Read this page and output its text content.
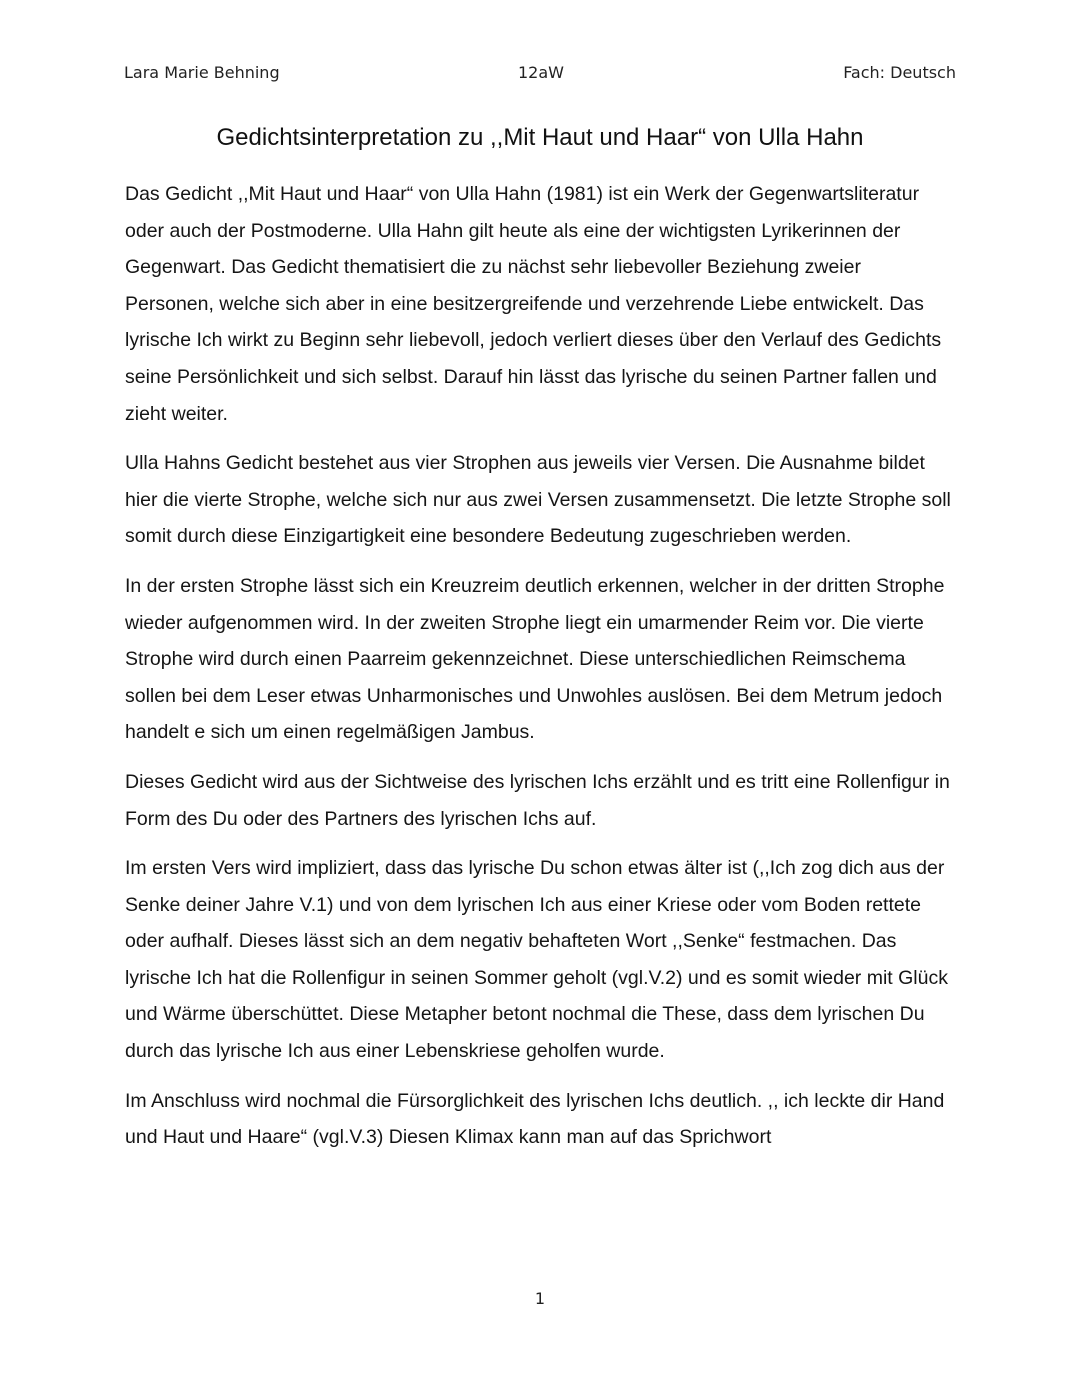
Lara Marie Behning	12aW	Fach: Deutsch
Gedichtsinterpretation zu ,,Mit Haut und Haar“ von Ulla Hahn

Das Gedicht ,,Mit Haut und Haar“ von Ulla Hahn (1981) ist ein Werk der Gegenwartsliteratur oder auch der Postmoderne. Ulla Hahn gilt heute als eine der wichtigsten Lyrikerinnen der Gegenwart. Das Gedicht thematisiert die zu nächst sehr liebevoller Beziehung zweier Personen, welche sich aber in eine besitzergreifende und verzehrende Liebe entwickelt. Das lyrische Ich wirkt zu Beginn sehr liebevoll, jedoch verliert dieses über den Verlauf des Gedichts seine Persönlichkeit und sich selbst. Darauf hin lässt das lyrische du seinen Partner fallen und zieht weiter.

Ulla Hahns Gedicht bestehet aus vier Strophen aus jeweils vier Versen. Die Ausnahme bildet hier die vierte Strophe, welche sich nur aus zwei Versen zusammensetzt. Die letzte Strophe soll somit durch diese Einzigartigkeit eine besondere Bedeutung zugeschrieben werden.

In der ersten Strophe lässt sich ein Kreuzreim deutlich erkennen, welcher in der dritten Strophe wieder aufgenommen wird. In der zweiten Strophe liegt ein umarmender Reim vor. Die vierte Strophe wird durch einen Paarreim gekennzeichnet. Diese unterschiedlichen Reimschema sollen bei dem Leser etwas Unharmonisches und Unwohles auslösen. Bei dem Metrum jedoch handelt e sich um einen regelmäßigen Jambus.

Dieses Gedicht wird aus der Sichtweise des lyrischen Ichs erzählt und es tritt eine Rollenfigur in Form des Du oder des Partners des lyrischen Ichs auf.

Im ersten Vers wird impliziert, dass das lyrische Du schon etwas älter ist (,,Ich zog dich aus der Senke deiner Jahre V.1) und von dem lyrischen Ich aus einer Kriese oder vom Boden rettete oder aufhalf. Dieses lässt sich an dem negativ behafteten Wort ,,Senke“ festmachen. Das lyrische Ich hat die Rollenfigur in seinen Sommer geholt (vgl.V.2) und es somit wieder mit Glück und Wärme überschüttet. Diese Metapher betont nochmal die These, dass dem lyrischen Du durch das lyrische Ich aus einer Lebenskriese geholfen wurde.

Im Anschluss wird nochmal die Fürsorglichkeit des lyrischen Ichs deutlich. ,, ich leckte dir Hand und Haut und Haare“ (vgl.V.3) Diesen Klimax kann man auf das Sprichwort

1
